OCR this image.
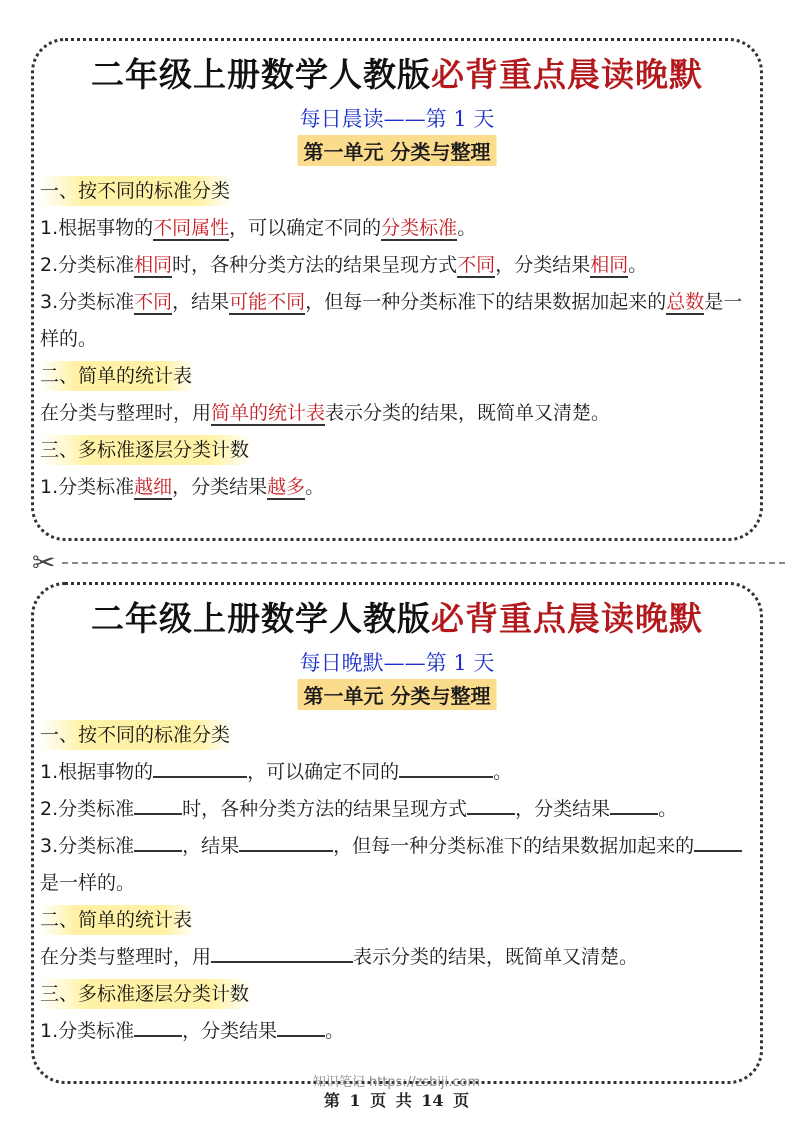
二年级上册数学人教版必背重点晨读晚默
每日晨读——第 1 天
第一单元 分类与整理
一、按不同的标准分类
1.根据事物的不同属性，可以确定不同的分类标准。
2.分类标准相同时，各种分类方法的结果呈现方式不同，分类结果相同。
3.分类标准不同，结果可能不同，但每一种分类标准下的结果数据加起来的总数是一样的。
二、简单的统计表
在分类与整理时，用简单的统计表表示分类的结果，既简单又清楚。
三、多标准逐层分类计数
1.分类标准越细，分类结果越多。
✂
二年级上册数学人教版必背重点晨读晚默
每日晚默——第 1 天
第一单元 分类与整理
一、按不同的标准分类
1.根据事物的	，可以确定不同的	。
2.分类标准	时，各种分类方法的结果呈现方式	，分类结果	。
3.分类标准	，结果	，但每一种分类标准下的结果数据加起来的是一样的。
二、简单的统计表
在分类与整理时，用	表示分类的结果，既简单又清楚。
三、多标准逐层分类计数
1.分类标准	，分类结果	。
知识笔记 https://zsbiji.com
第 1 页 共 14 页
